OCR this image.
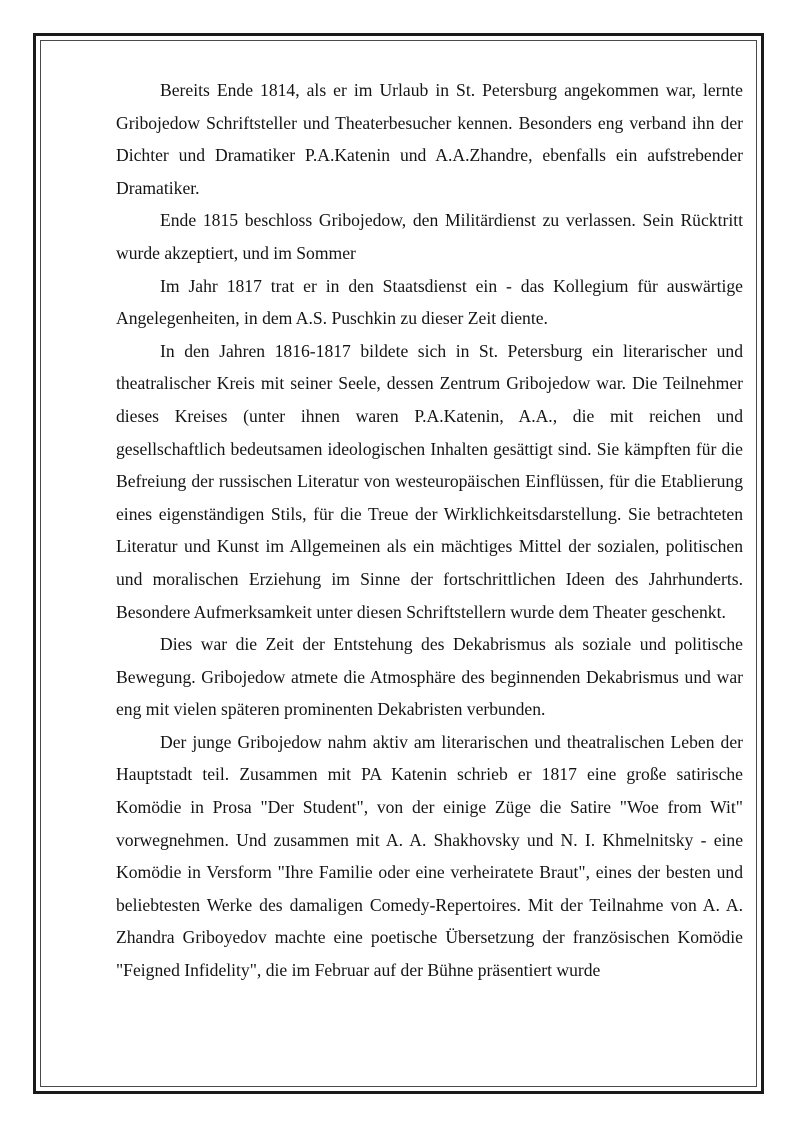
Bereits Ende 1814, als er im Urlaub in St. Petersburg angekommen war, lernte Gribojedow Schriftsteller und Theaterbesucher kennen. Besonders eng verband ihn der Dichter und Dramatiker P.A.Katenin und A.A.Zhandre, ebenfalls ein aufstrebender Dramatiker.

Ende 1815 beschloss Gribojedow, den Militärdienst zu verlassen. Sein Rücktritt wurde akzeptiert, und im Sommer

Im Jahr 1817 trat er in den Staatsdienst ein - das Kollegium für auswärtige Angelegenheiten, in dem A.S. Puschkin zu dieser Zeit diente.

In den Jahren 1816-1817 bildete sich in St. Petersburg ein literarischer und theatralischer Kreis mit seiner Seele, dessen Zentrum Gribojedow war. Die Teilnehmer dieses Kreises (unter ihnen waren P.A.Katenin, A.A., die mit reichen und gesellschaftlich bedeutsamen ideologischen Inhalten gesättigt sind. Sie kämpften für die Befreiung der russischen Literatur von westeuropäischen Einflüssen, für die Etablierung eines eigenständigen Stils, für die Treue der Wirklichkeitsdarstellung. Sie betrachteten Literatur und Kunst im Allgemeinen als ein mächtiges Mittel der sozialen, politischen und moralischen Erziehung im Sinne der fortschrittlichen Ideen des Jahrhunderts. Besondere Aufmerksamkeit unter diesen Schriftstellern wurde dem Theater geschenkt.

Dies war die Zeit der Entstehung des Dekabrismus als soziale und politische Bewegung. Gribojedow atmete die Atmosphäre des beginnenden Dekabrismus und war eng mit vielen späteren prominenten Dekabristen verbunden.

Der junge Gribojedow nahm aktiv am literarischen und theatralischen Leben der Hauptstadt teil. Zusammen mit PA Katenin schrieb er 1817 eine große satirische Komödie in Prosa "Der Student", von der einige Züge die Satire "Woe from Wit" vorwegnehmen. Und zusammen mit A. A. Shakhovsky und N. I. Khmelnitsky - eine Komödie in Versform "Ihre Familie oder eine verheiratete Braut", eines der besten und beliebtesten Werke des damaligen Comedy-Repertoires. Mit der Teilnahme von A. A. Zhandra Griboyedov machte eine poetische Übersetzung der französischen Komödie "Feigned Infidelity", die im Februar auf der Bühne präsentiert wurde
